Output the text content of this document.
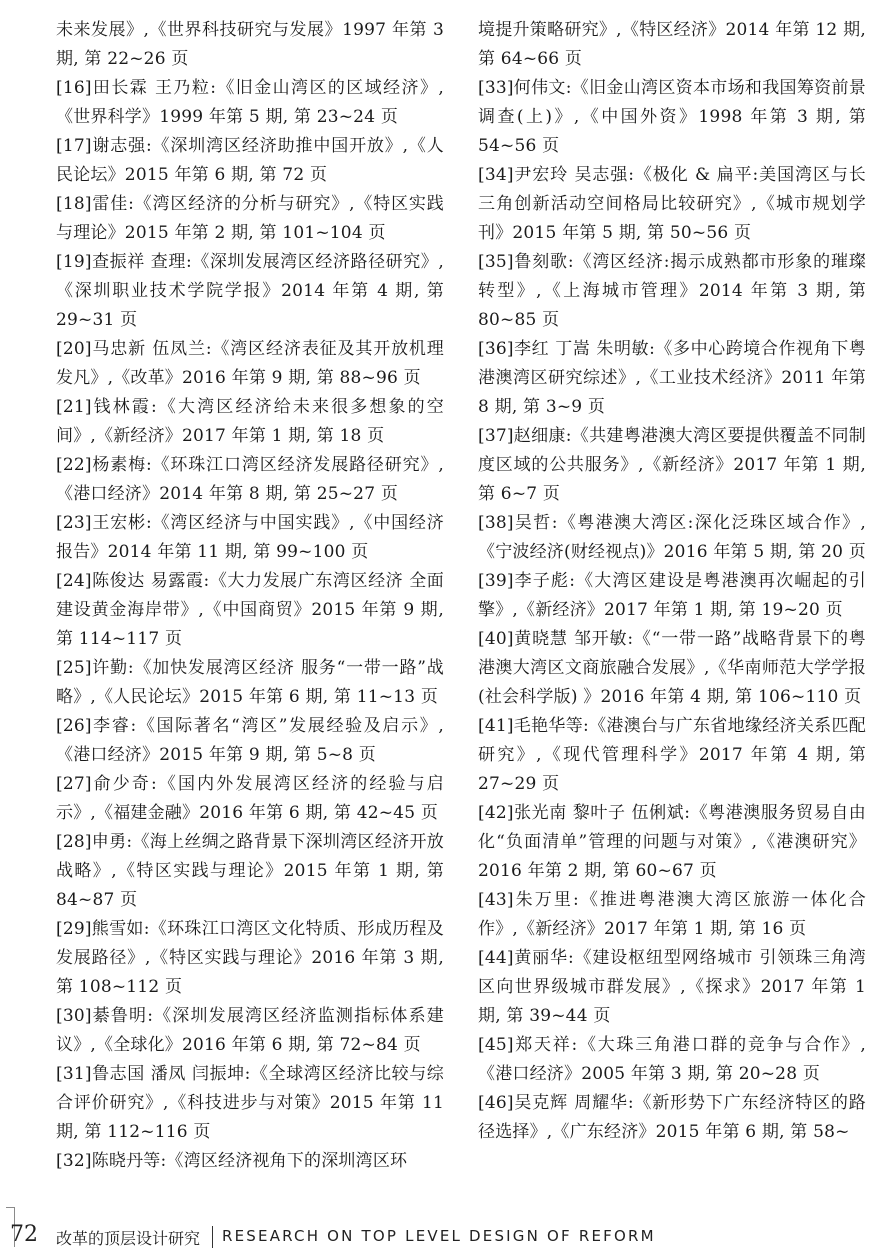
未来发展》,《世界科技研究与发展》1997 年第 3 期, 第 22~26 页

[16]田长霖 王乃粒:《旧金山湾区的区域经济》,《世界科学》1999 年第 5 期, 第 23~24 页

[17]谢志强:《深圳湾区经济助推中国开放》,《人民论坛》2015 年第 6 期, 第 72 页

[18]雷佳:《湾区经济的分析与研究》,《特区实践与理论》2015 年第 2 期, 第 101~104 页

[19]查振祥 查理:《深圳发展湾区经济路径研究》,《深圳职业技术学院学报》2014 年第 4 期, 第 29~31 页

[20]马忠新 伍凤兰:《湾区经济表征及其开放机理发凡》,《改革》2016 年第 9 期, 第 88~96 页

[21]钱林霞:《大湾区经济给未来很多想象的空间》,《新经济》2017 年第 1 期, 第 18 页

[22]杨素梅:《环珠江口湾区经济发展路径研究》,《港口经济》2014 年第 8 期, 第 25~27 页

[23]王宏彬:《湾区经济与中国实践》,《中国经济报告》2014 年第 11 期, 第 99~100 页

[24]陈俊达 易露霞:《大力发展广东湾区经济 全面建设黄金海岸带》,《中国商贸》2015 年第 9 期, 第 114~117 页

[25]许勤:《加快发展湾区经济 服务“一带一路”战略》,《人民论坛》2015 年第 6 期, 第 11~13 页

[26]李睿:《国际著名“湾区”发展经验及启示》,《港口经济》2015 年第 9 期, 第 5~8 页

[27]俞少奇:《国内外发展湾区经济的经验与启示》,《福建金融》2016 年第 6 期, 第 42~45 页

[28]申勇:《海上丝绸之路背景下深圳湾区经济开放战略》,《特区实践与理论》2015 年第 1 期, 第 84~87 页

[29]熊雪如:《环珠江口湾区文化特质、形成历程及发展路径》,《特区实践与理论》2016 年第 3 期, 第 108~112 页

[30]綦鲁明:《深圳发展湾区经济监测指标体系建议》,《全球化》2016 年第 6 期, 第 72~84 页

[31]鲁志国 潘凤 闫振坤:《全球湾区经济比较与综合评价研究》,《科技进步与对策》2015 年第 11 期, 第 112~116 页

[32]陈晓丹等:《湾区经济视角下的深圳湾区环

境提升策略研究》,《特区经济》2014 年第 12 期, 第 64~66 页

[33]何伟文:《旧金山湾区资本市场和我国筹资前景调查(上)》,《中国外资》1998 年第 3 期, 第 54~56 页

[34]尹宏玲 吴志强:《极化 & 扁平:美国湾区与长三角创新活动空间格局比较研究》,《城市规划学刊》2015 年第 5 期, 第 50~56 页

[35]鲁刻歌:《湾区经济:揭示成熟都市形象的璀璨转型》,《上海城市管理》2014 年第 3 期, 第 80~85 页

[36]李红 丁嵩 朱明敏:《多中心跨境合作视角下粤港澳湾区研究综述》,《工业技术经济》2011 年第 8 期, 第 3~9 页

[37]赵细康:《共建粤港澳大湾区要提供覆盖不同制度区域的公共服务》,《新经济》2017 年第 1 期, 第 6~7 页

[38]吴哲:《粤港澳大湾区:深化泛珠区域合作》,《宁波经济(财经视点)》2016 年第 5 期, 第 20 页

[39]李子彪:《大湾区建设是粤港澳再次崛起的引擎》,《新经济》2017 年第 1 期, 第 19~20 页

[40]黄晓慧 邹开敏:《“一带一路”战略背景下的粤港澳大湾区文商旅融合发展》,《华南师范大学学报(社会科学版) 》2016 年第 4 期, 第 106~110 页

[41]毛艳华等:《港澳台与广东省地缘经济关系匹配研究》,《现代管理科学》2017 年第 4 期, 第 27~29 页

[42]张光南 黎叶子 伍俐斌:《粤港澳服务贸易自由化“负面清单”管理的问题与对策》,《港澳研究》2016 年第 2 期, 第 60~67 页

[43]朱万里:《推进粤港澳大湾区旅游一体化合作》,《新经济》2017 年第 1 期, 第 16 页

[44]黄丽华:《建设枢纽型网络城市 引领珠三角湾区向世界级城市群发展》,《探求》2017 年第 1 期, 第 39~44 页

[45]郑天祥:《大珠三角港口群的竞争与合作》,《港口经济》2005 年第 3 期, 第 20~28 页

[46]吴克辉 周耀华:《新形势下广东经济特区的路径选择》,《广东经济》2015 年第 6 期, 第 58~

72 改革的顶层设计研究 RESEARCH ON TOP LEVEL DESIGN OF REFORM
